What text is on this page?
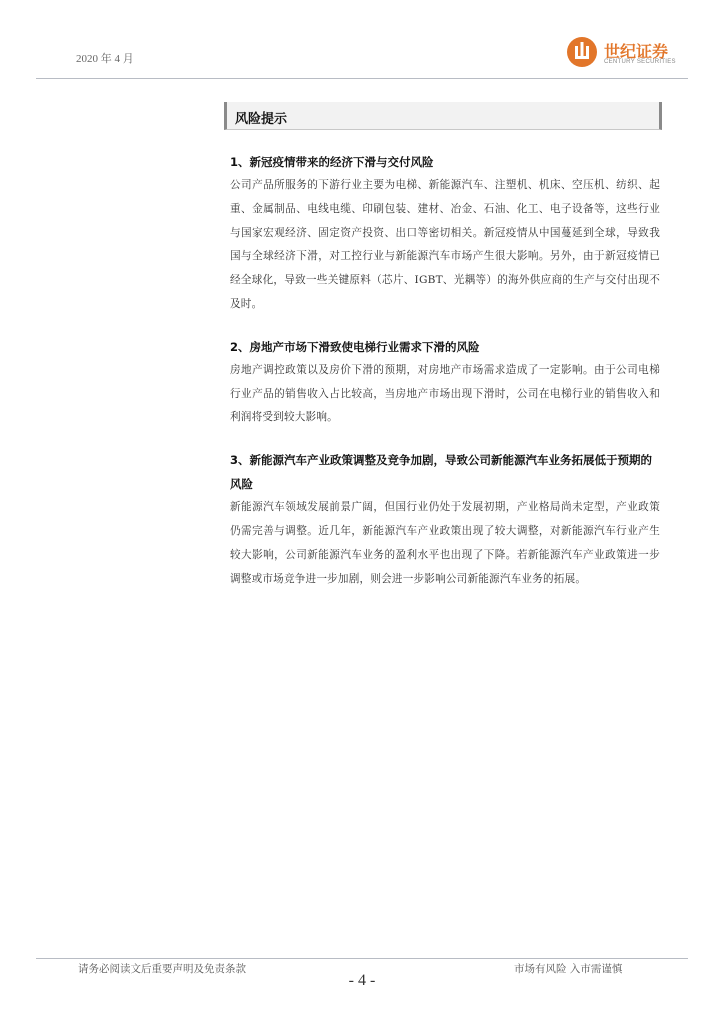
2020 年 4 月	世纪证券
CENTURY SECURITIES
风险提示
1、新冠疫情带来的经济下滑与交付风险
公司产品所服务的下游行业主要为电梯、新能源汽车、注塑机、机床、空压机、纺织、起重、金属制品、电线电缆、印刷包装、建材、冶金、石油、化工、电子设备等，这些行业与国家宏观经济、固定资产投资、出口等密切相关。新冠疫情从中国蔓延到全球，导致我国与全球经济下滑，对工控行业与新能源汽车市场产生很大影响。另外，由于新冠疫情已经全球化，导致一些关键原料（芯片、IGBT、光耦等）的海外供应商的生产与交付出现不及时。
2、房地产市场下滑致使电梯行业需求下滑的风险
房地产调控政策以及房价下滑的预期，对房地产市场需求造成了一定影响。由于公司电梯行业产品的销售收入占比较高，当房地产市场出现下滑时，公司在电梯行业的销售收入和利润将受到较大影响。
3、新能源汽车产业政策调整及竞争加剧，导致公司新能源汽车业务拓展低于预期的风险
新能源汽车领域发展前景广阔，但国行业仍处于发展初期，产业格局尚未定型，产业政策仍需完善与调整。近几年，新能源汽车产业政策出现了较大调整，对新能源汽车行业产生较大影响，公司新能源汽车业务的盈利水平也出现了下降。若新能源汽车产业政策进一步调整或市场竞争进一步加剧，则会进一步影响公司新能源汽车业务的拓展。
请务必阅读文后重要声明及免责条款	市场有风险 入市需谨慎
- 4 -
